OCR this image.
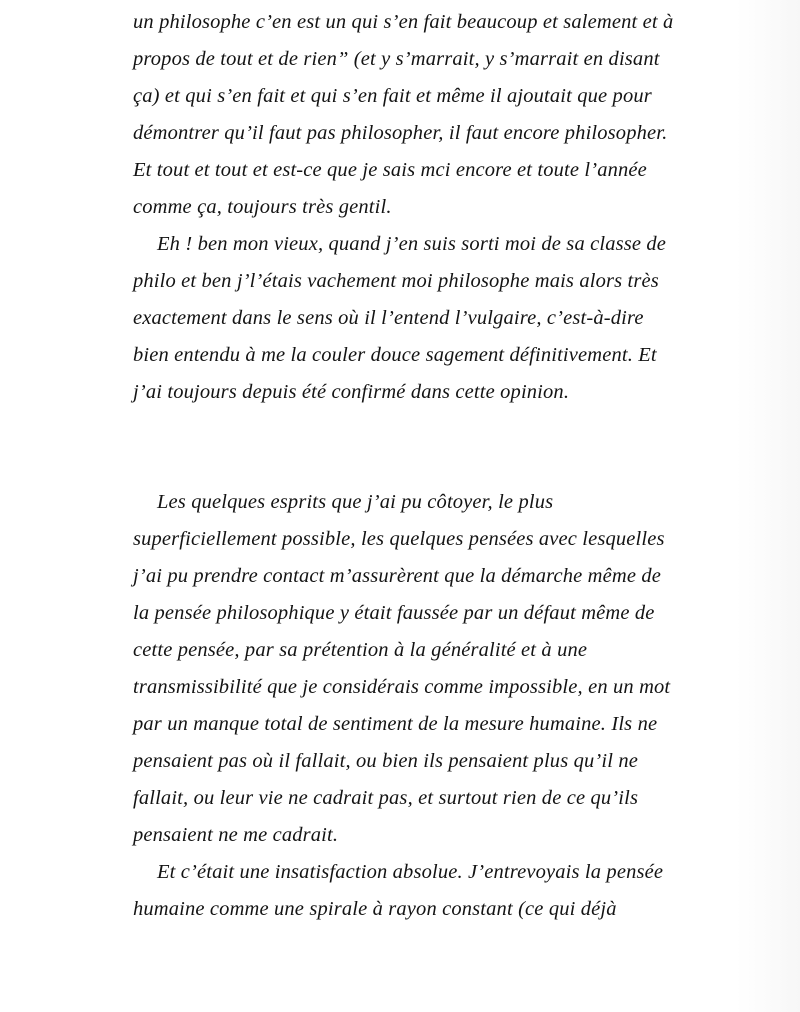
un philosophe c’en est un qui s’en fait beaucoup et salement et à
propos de tout et de rien” (et y s’marrait, y s’marrait en disant
ça) et qui s’en fait et qui s’en fait et même il ajoutait que pour
démontrer qu’il faut pas philosopher, il faut encore philosopher.
Et tout et tout et est-ce que je sais mci encore et toute l’année
comme ça, toujours très gentil.
Eh ! ben mon vieux, quand j’en suis sorti moi de sa classe de
philo et ben j’l’étais vachement moi philosophe mais alors très
exactement dans le sens où il l’entend l’vulgaire, c’est-à-dire
bien entendu à me la couler douce sagement définitivement. Et
j’ai toujours depuis été confirmé dans cette opinion.
Les quelques esprits que j’ai pu côtoyer, le plus
superficiellement possible, les quelques pensées avec lesquelles
j’ai pu prendre contact m’assurèrent que la démarche même de
la pensée philosophique y était faussée par un défaut même de
cette pensée, par sa prétention à la généralité et à une
transmissibilité que je considérais comme impossible, en un mot
par un manque total de sentiment de la mesure humaine. Ils ne
pensaient pas où il fallait, ou bien ils pensaient plus qu’il ne
fallait, ou leur vie ne cadrait pas, et surtout rien de ce qu’ils
pensaient ne me cadrait.
Et c’était une insatisfaction absolue. J’entrevoyais la pensée
humaine comme une spirale à rayon constant (ce qui déjà
